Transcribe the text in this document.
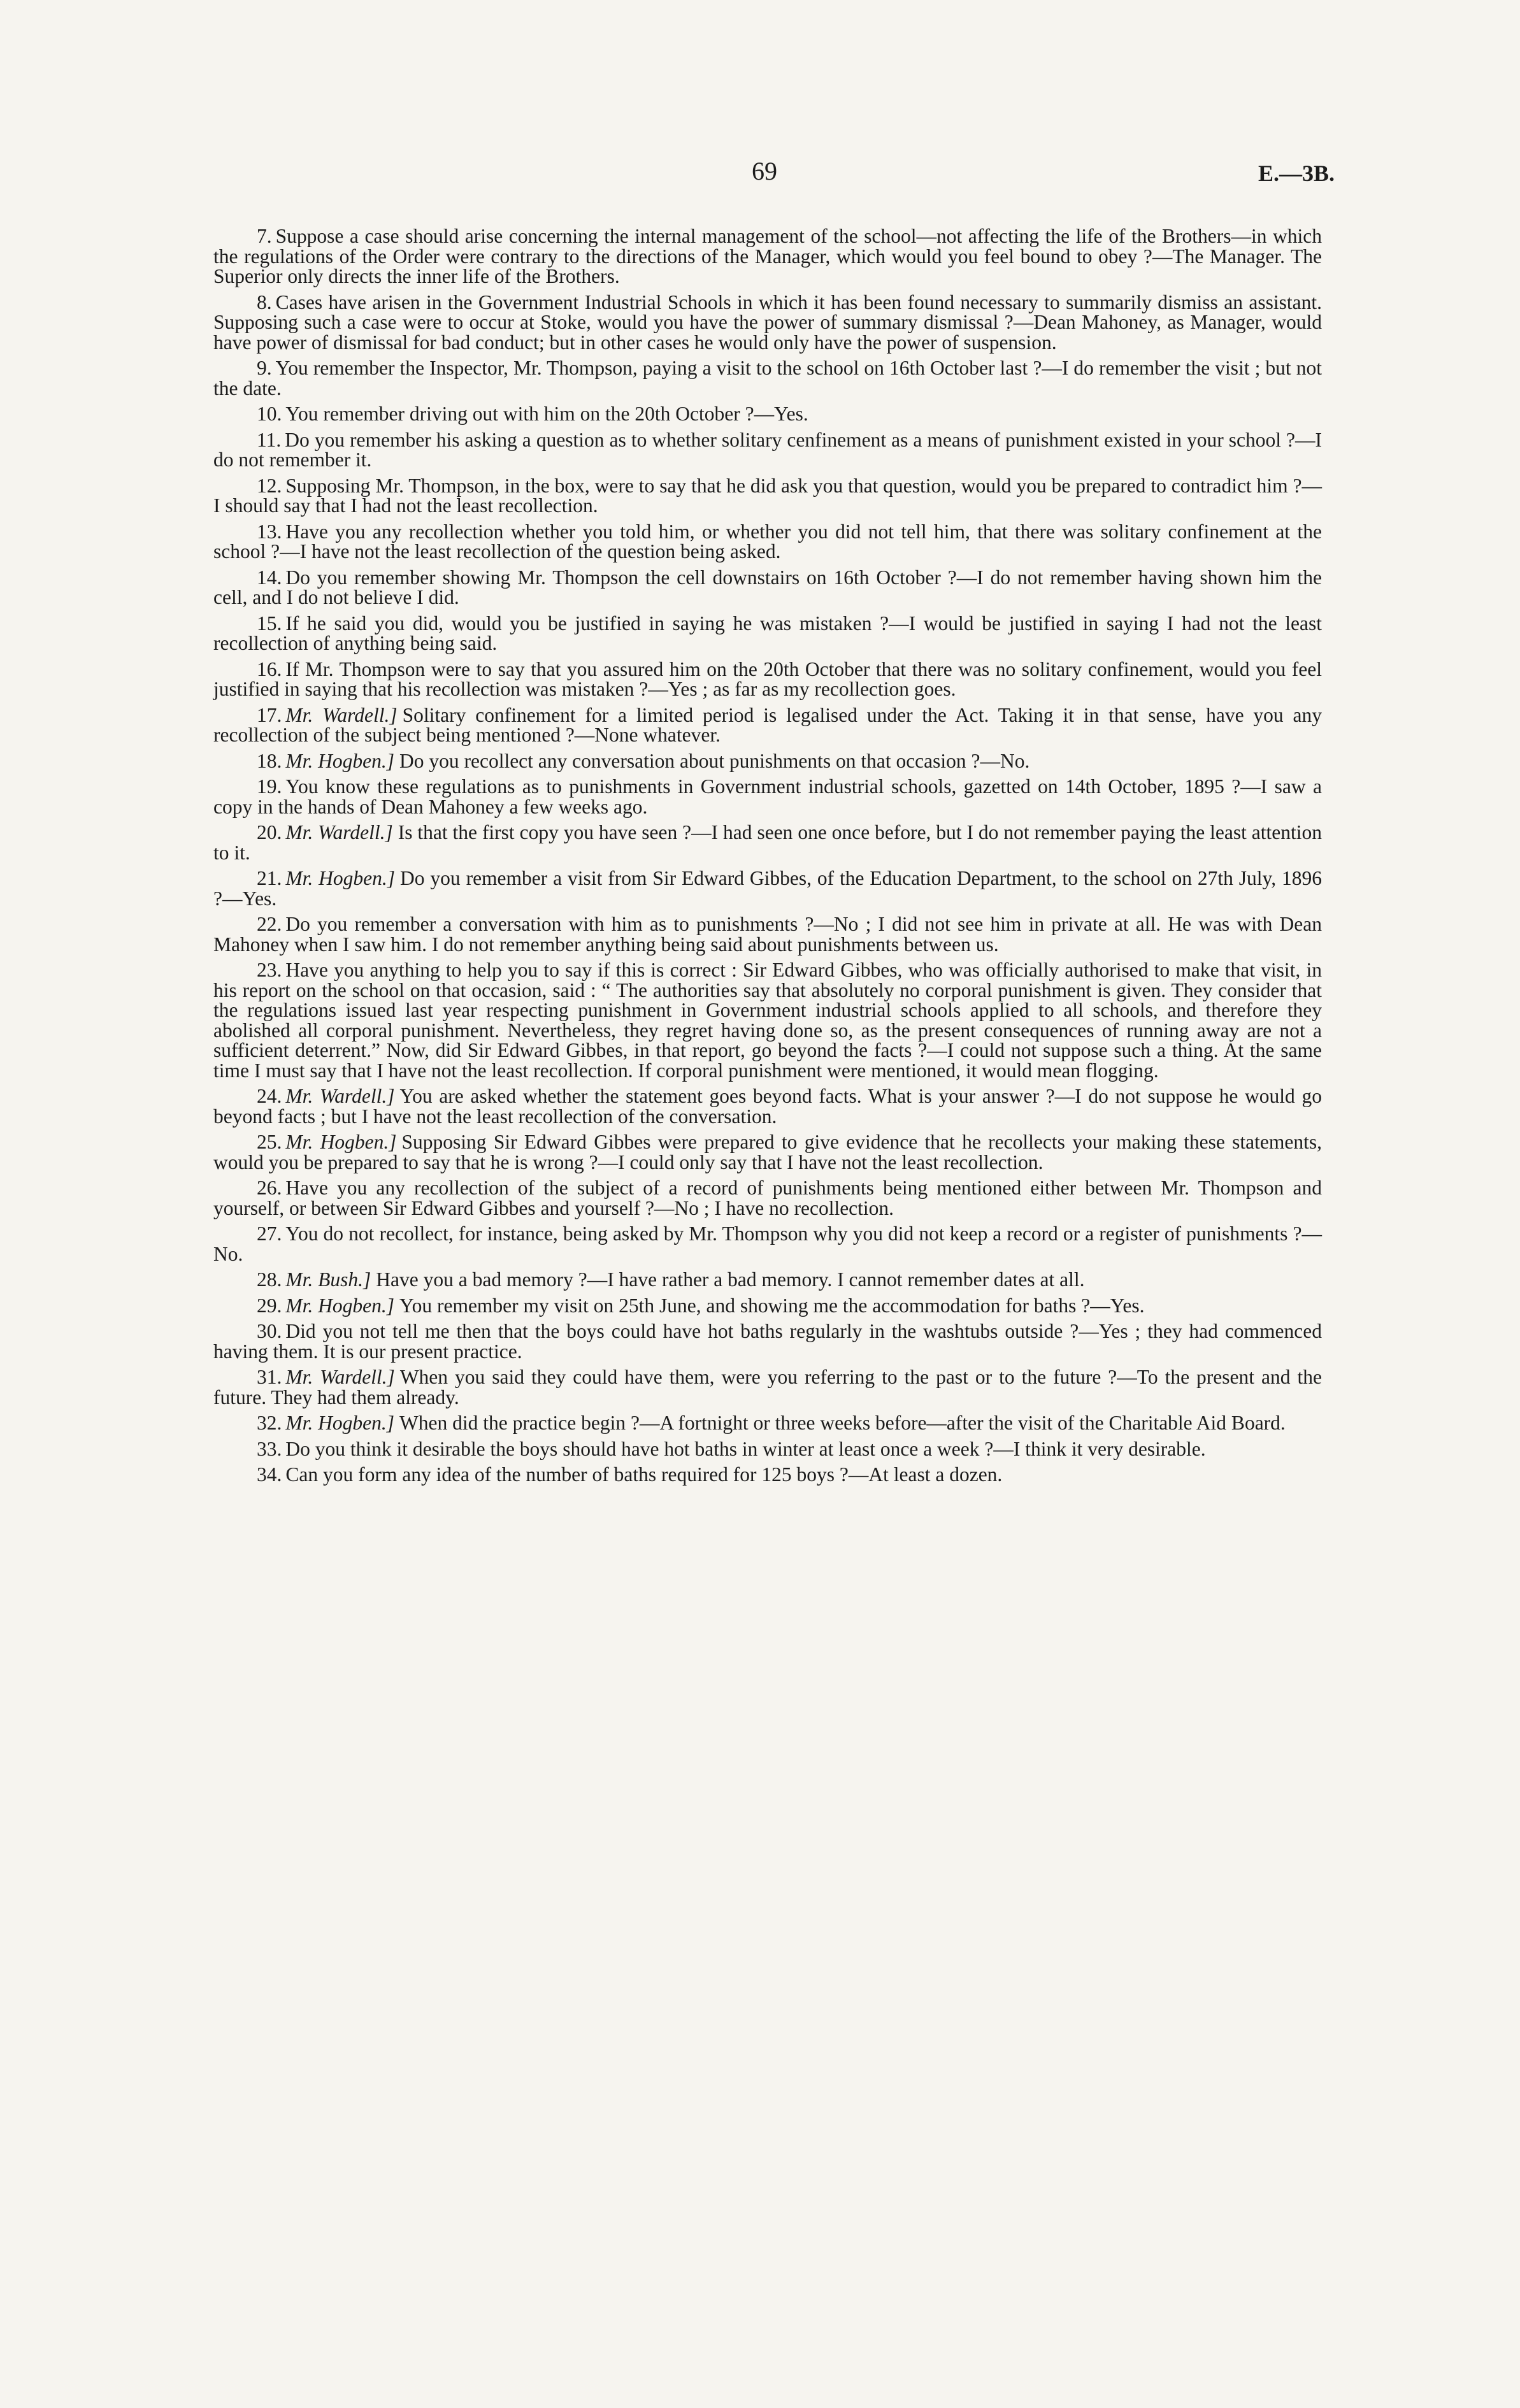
69	E.—3B.

7. Suppose a case should arise concerning the internal management of the school—not affecting the life of the Brothers—in which the regulations of the Order were contrary to the directions of the Manager, which would you feel bound to obey ?—The Manager. The Superior only directs the inner life of the Brothers.

8. Cases have arisen in the Government Industrial Schools in which it has been found necessary to summarily dismiss an assistant. Supposing such a case were to occur at Stoke, would you have the power of summary dismissal ?—Dean Mahoney, as Manager, would have power of dismissal for bad conduct; but in other cases he would only have the power of suspension.

9. You remember the Inspector, Mr. Thompson, paying a visit to the school on 16th October last ?—I do remember the visit ; but not the date.

10. You remember driving out with him on the 20th October ?—Yes.

11. Do you remember his asking a question as to whether solitary cenfinement as a means of punishment existed in your school ?—I do not remember it.

12. Supposing Mr. Thompson, in the box, were to say that he did ask you that question, would you be prepared to contradict him ?—I should say that I had not the least recollection.

13. Have you any recollection whether you told him, or whether you did not tell him, that there was solitary confinement at the school ?—I have not the least recollection of the question being asked.

14. Do you remember showing Mr. Thompson the cell downstairs on 16th October ?—I do not remember having shown him the cell, and I do not believe I did.

15. If he said you did, would you be justified in saying he was mistaken ?—I would be justified in saying I had not the least recollection of anything being said.

16. If Mr. Thompson were to say that you assured him on the 20th October that there was no solitary confinement, would you feel justified in saying that his recollection was mistaken ?—Yes ; as far as my recollection goes.

17. Mr. Wardell.] Solitary confinement for a limited period is legalised under the Act. Taking it in that sense, have you any recollection of the subject being mentioned ?—None whatever.

18. Mr. Hogben.] Do you recollect any conversation about punishments on that occasion ?—No.

19. You know these regulations as to punishments in Government industrial schools, gazetted on 14th October, 1895 ?—I saw a copy in the hands of Dean Mahoney a few weeks ago.

20. Mr. Wardell.] Is that the first copy you have seen ?—I had seen one once before, but I do not remember paying the least attention to it.

21. Mr. Hogben.] Do you remember a visit from Sir Edward Gibbes, of the Education Department, to the school on 27th July, 1896 ?—Yes.

22. Do you remember a conversation with him as to punishments ?—No ; I did not see him in private at all. He was with Dean Mahoney when I saw him. I do not remember anything being said about punishments between us.

23. Have you anything to help you to say if this is correct : Sir Edward Gibbes, who was officially authorised to make that visit, in his report on the school on that occasion, said : “ The authorities say that absolutely no corporal punishment is given. They consider that the regulations issued last year respecting punishment in Government industrial schools applied to all schools, and therefore they abolished all corporal punishment. Nevertheless, they regret having done so, as the present consequences of running away are not a sufficient deterrent.” Now, did Sir Edward Gibbes, in that report, go beyond the facts ?—I could not suppose such a thing. At the same time I must say that I have not the least recollection. If corporal punishment were mentioned, it would mean flogging.

24. Mr. Wardell.] You are asked whether the statement goes beyond facts. What is your answer ?—I do not suppose he would go beyond facts ; but I have not the least recollection of the conversation.

25. Mr. Hogben.] Supposing Sir Edward Gibbes were prepared to give evidence that he recollects your making these statements, would you be prepared to say that he is wrong ?—I could only say that I have not the least recollection.

26. Have you any recollection of the subject of a record of punishments being mentioned either between Mr. Thompson and yourself, or between Sir Edward Gibbes and yourself ?—No ; I have no recollection.

27. You do not recollect, for instance, being asked by Mr. Thompson why you did not keep a record or a register of punishments ?—No.

28. Mr. Bush.] Have you a bad memory ?—I have rather a bad memory. I cannot remember dates at all.

29. Mr. Hogben.] You remember my visit on 25th June, and showing me the accommodation for baths ?—Yes.

30. Did you not tell me then that the boys could have hot baths regularly in the washtubs outside ?—Yes ; they had commenced having them. It is our present practice.

31. Mr. Wardell.] When you said they could have them, were you referring to the past or to the future ?—To the present and the future. They had them already.

32. Mr. Hogben.] When did the practice begin ?—A fortnight or three weeks before—after the visit of the Charitable Aid Board.

33. Do you think it desirable the boys should have hot baths in winter at least once a week ?—I think it very desirable.

34. Can you form any idea of the number of baths required for 125 boys ?—At least a dozen.
